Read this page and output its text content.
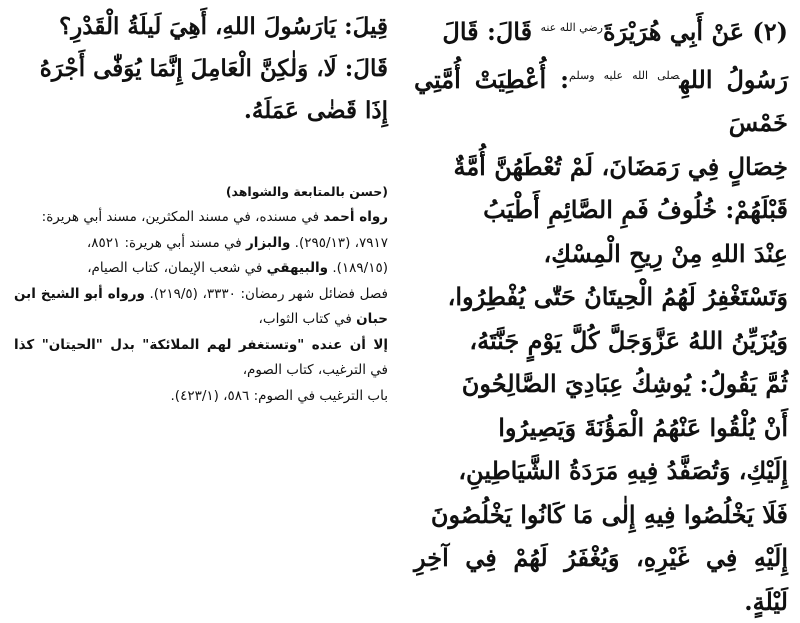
قِيلَ: يَارَسُولَ اللهِ، أَهِيَ لَيلَةُ الْقَدْرِ؟

قَالَ: لَا، وَلٰكِنَّ الْعَامِلَ إِنَّمَا يُوَفّٰى أَجْرَهُ

إِذَا قَضٰى عَمَلَهُ.

(حسن بالمتابعة والشواهد)

رواه أحمد في مسنده، في مسند المكثرين، مسند أبي هريرة:

٧٩١٧، (٢٩٥/١٣). والبزار في مسند أبي هريرة: ٨٥٢١،

(١٨٩/١٥). والبيهقي في شعب الإيمان، كتاب الصيام،

فصل فضائل شهر رمضان: ٣٣٣٠، (٢١٩/٥). ورواه أبو الشيخ ابن حبان في كتاب الثواب،

إلا أن عنده "وتستغفر لهم الملائكة" بدل "الحيتان" كذا في الترغيب، كتاب الصوم،

باب الترغيب في الصوم: ٥٨٦، (٤٢٣/١).

(٢) عَنْ أَبِي هُرَيْرَةَ$^{رضي الله عنه}$ قَالَ: قَالَ

رَسُولُ اللهِ$^{صلى الله عليه وسلم}$: أُعْطِيَتْ أُمَّتِي خَمْسَ

خِصَالٍ فِي رَمَضَانَ، لَمْ تُعْطَهُنَّ أُمَّةٌ

قَبْلَهُمْ: خُلُوفُ فَمِ الصَّائِمِ أَطْيَبُ

عِنْدَ اللهِ مِنْ رِيحِ الْمِسْكِ،

وَتَسْتَغْفِرُ لَهُمُ الْحِيتَانُ حَتّٰى يُفْطِرُوا،

وَيُزَيِّنُ اللهُ عَزَّوَجَلَّ كُلَّ يَوْمٍ جَنَّتَهُ،

ثُمَّ يَقُولُ: يُوشِكُ عِبَادِيَ الصَّالِحُونَ

أَنْ يُلْقُوا عَنْهُمُ الْمَؤُنَةَ وَيَصِيرُوا

إِلَيْكِ، وَتُصَفَّدُ فِيهِ مَرَدَةُ الشَّيَاطِينِ،

فَلَا يَخْلُصُوا فِيهِ إِلٰى مَا كَانُوا يَخْلُصُونَ

إِلَيْهِ فِي غَيْرِهِ، وَيُغْفَرُ لَهُمْ فِي آخِرِ لَيْلَةٍ.
